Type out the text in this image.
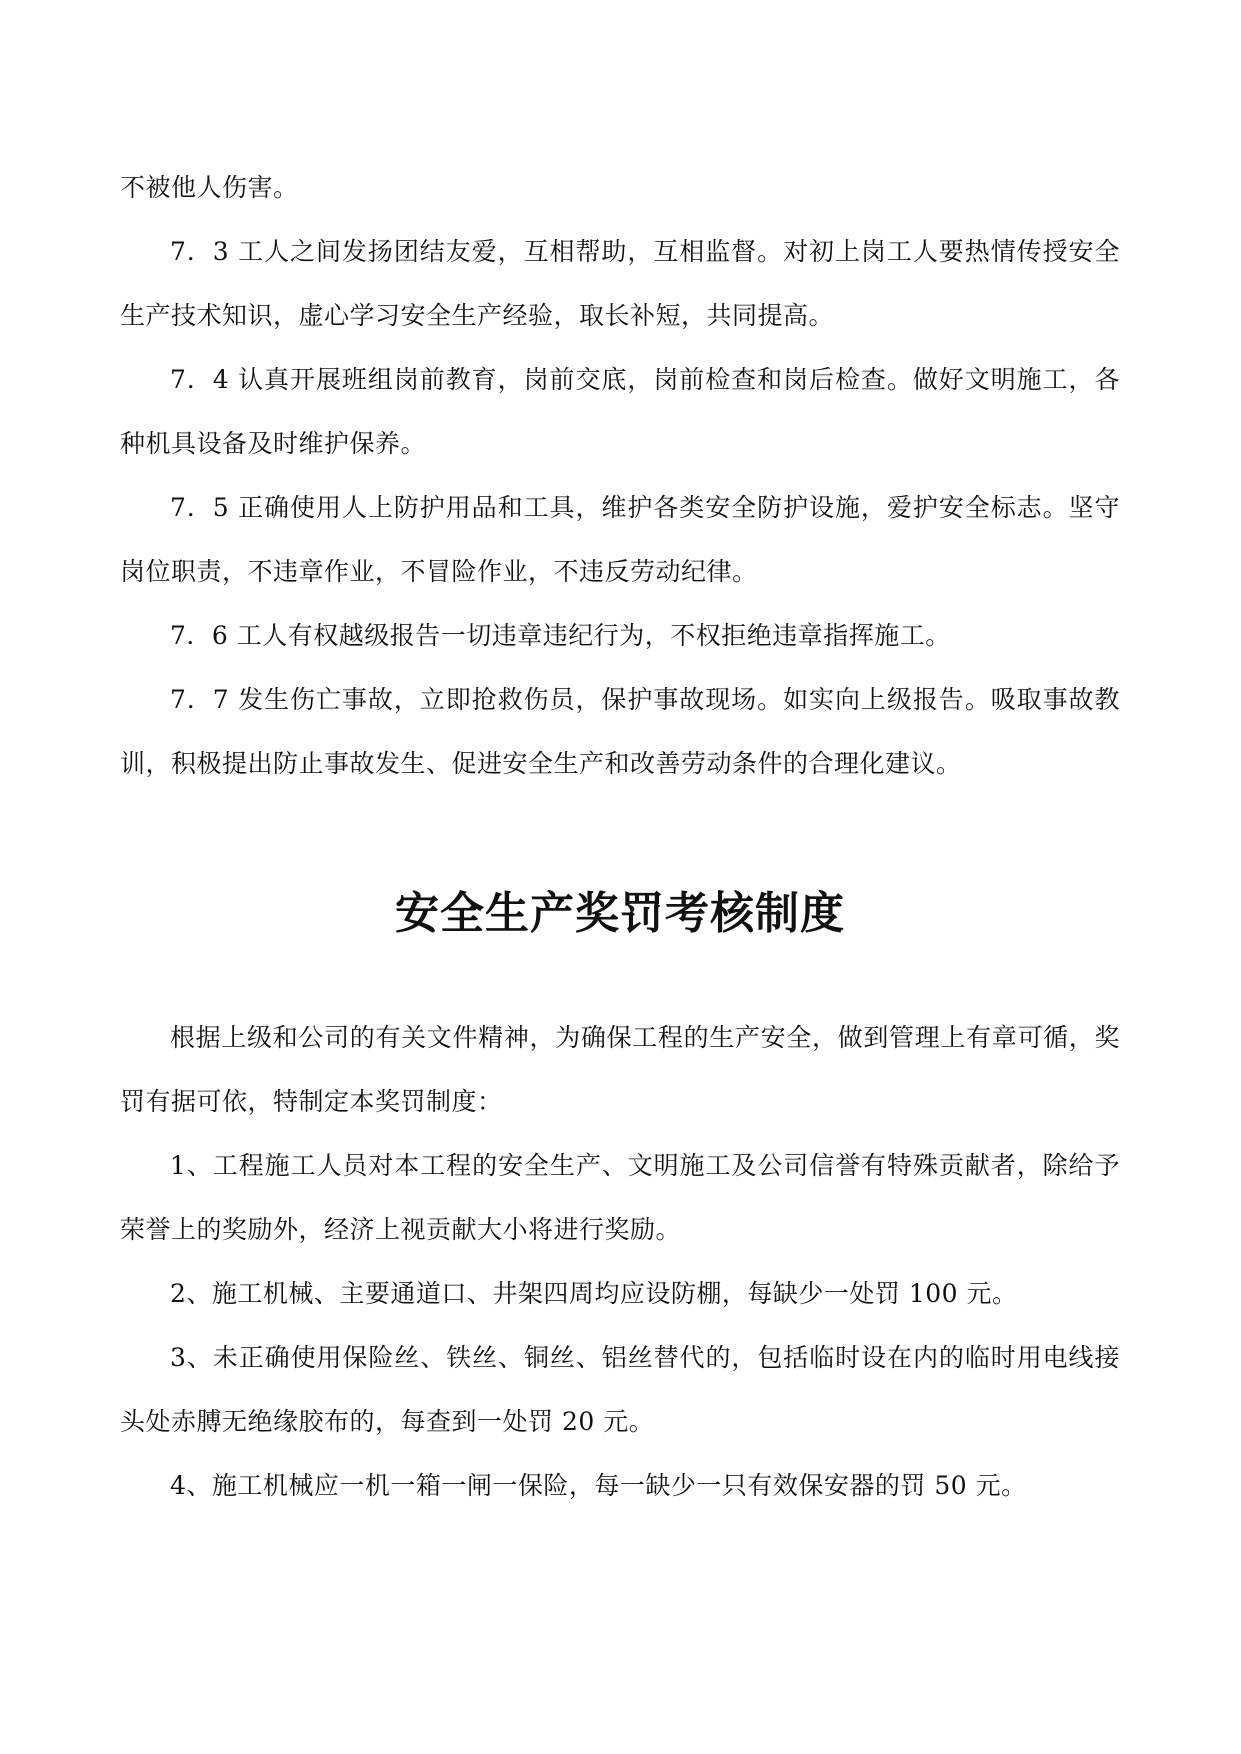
不被他人伤害。

7．3 工人之间发扬团结友爱，互相帮助，互相监督。对初上岗工人要热情传授安全生产技术知识，虚心学习安全生产经验，取长补短，共同提高。

7．4 认真开展班组岗前教育，岗前交底，岗前检查和岗后检查。做好文明施工，各种机具设备及时维护保养。

7．5 正确使用人上防护用品和工具，维护各类安全防护设施，爱护安全标志。坚守岗位职责，不违章作业，不冒险作业，不违反劳动纪律。

7．6 工人有权越级报告一切违章违纪行为，不权拒绝违章指挥施工。

7．7 发生伤亡事故，立即抢救伤员，保护事故现场。如实向上级报告。吸取事故教训，积极提出防止事故发生、促进安全生产和改善劳动条件的合理化建议。

安全生产奖罚考核制度

根据上级和公司的有关文件精神，为确保工程的生产安全，做到管理上有章可循，奖罚有据可依，特制定本奖罚制度：

1、工程施工人员对本工程的安全生产、文明施工及公司信誉有特殊贡献者，除给予荣誉上的奖励外，经济上视贡献大小将进行奖励。

2、施工机械、主要通道口、井架四周均应设防棚，每缺少一处罚 100 元。

3、未正确使用保险丝、铁丝、铜丝、铝丝替代的，包括临时设在内的临时用电线接头处赤膊无绝缘胶布的，每查到一处罚 20 元。

4、施工机械应一机一箱一闸一保险，每一缺少一只有效保安器的罚 50 元。
